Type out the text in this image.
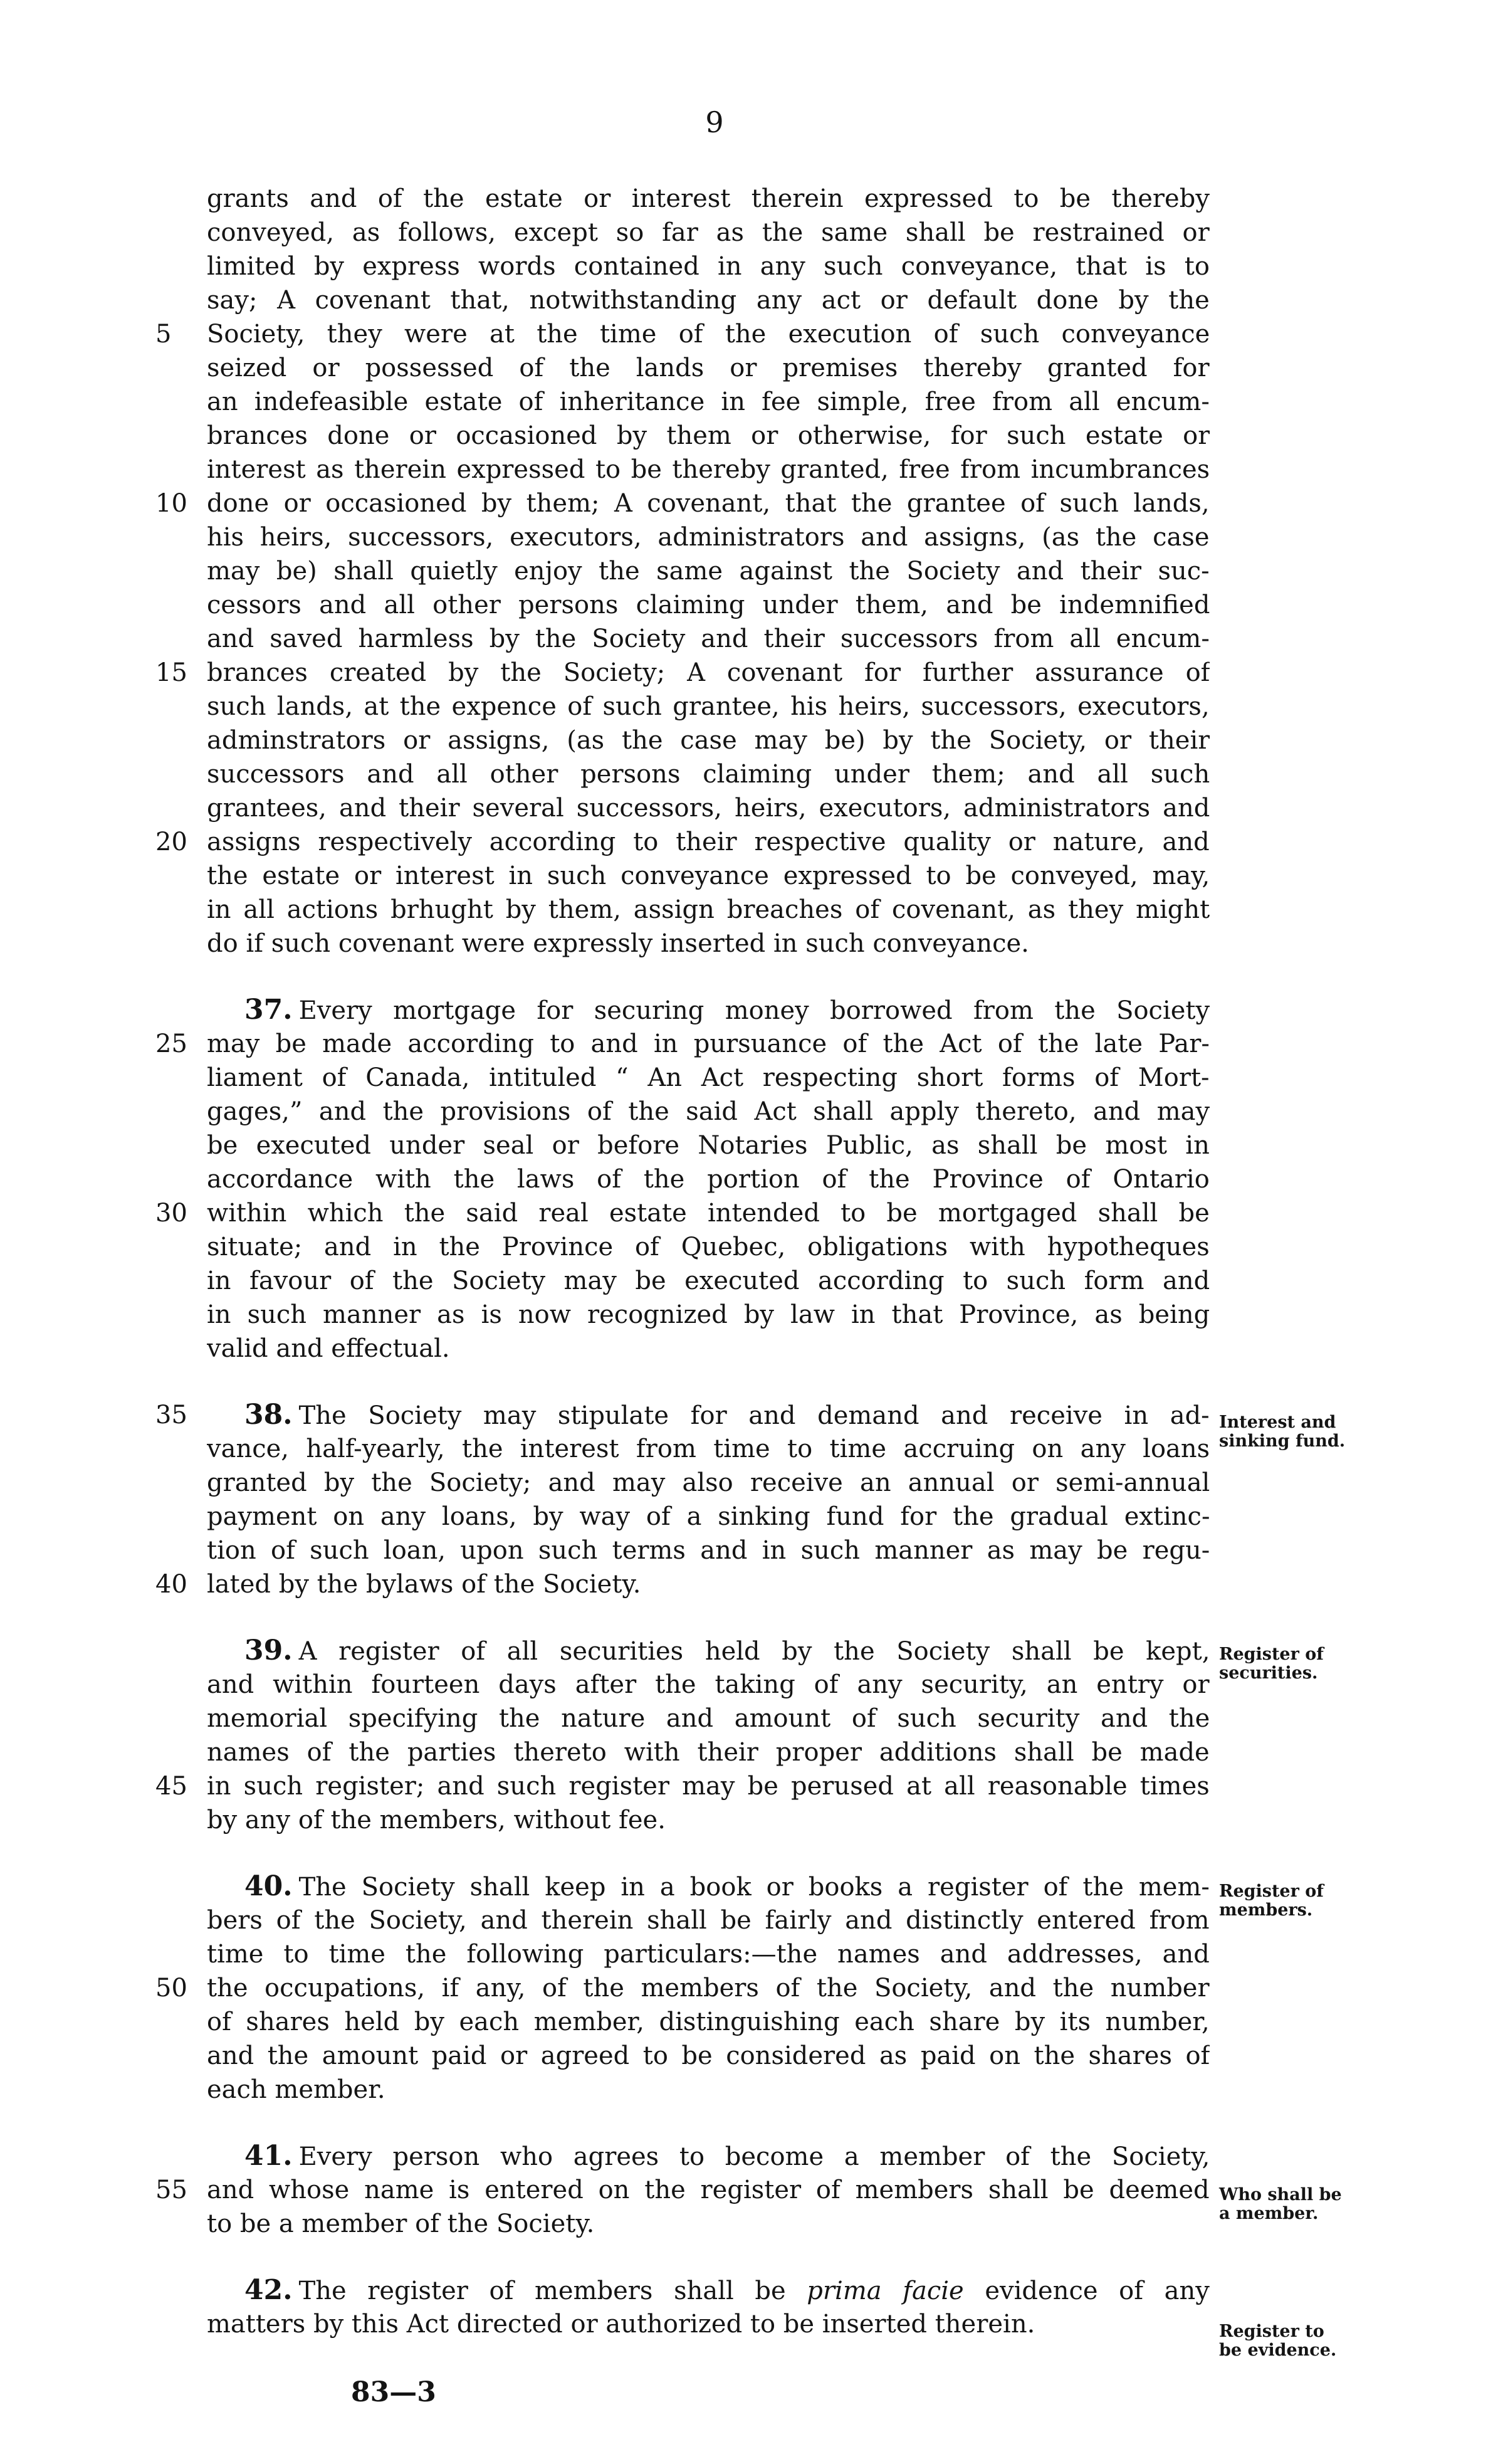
9
grants and of the estate or interest therein expressed to be thereby
conveyed, as follows, except so far as the same shall be restrained or
limited by express words contained in any such conveyance, that is to
say; A covenant that, notwithstanding any act or default done by the
5	Society, they were at the time of the execution of such conveyance
seized or possessed of the lands or premises thereby granted for
an indefeasible estate of inheritance in fee simple, free from all encum-
brances done or occasioned by them or otherwise, for such estate or
interest as therein expressed to be thereby granted, free from incumbrances
10 done or occasioned by them; A covenant, that the grantee of such lands,
his heirs, successors, executors, administrators and assigns, (as the case
may be) shall quietly enjoy the same against the Society and their suc-
cessors and all other persons claiming under them, and be indemnified
and saved harmless by the Society and their successors from all encum-
15 brances created by the Society; A covenant for further assurance of
such lands, at the expence of such grantee, his heirs, successors, executors,
adminstrators or assigns, (as the case may be) by the Society, or their
successors and all other persons claiming under them; and all such
grantees, and their several successors, heirs, executors, administrators and
20 assigns respectively according to their respective quality or nature, and
the estate or interest in such conveyance expressed to be conveyed, may,
in all actions brhught by them, assign breaches of covenant, as they might
do if such covenant were expressly inserted in such conveyance.
37. Every mortgage for securing money borrowed from the Society
25 may be made according to and in pursuance of the Act of the late Par-
liament of Canada, intituled “ An Act respecting short forms of Mort-
gages,” and the provisions of the said Act shall apply thereto, and may
be executed under seal or before Notaries Public, as shall be most in
accordance with the laws of the portion of the Province of Ontario
30 within which the said real estate intended to be mortgaged shall be
situate; and in the Province of Quebec, obligations with hypotheques
in favour of the Society may be executed according to such form and
in such manner as is now recognized by law in that Province, as being
valid and effectual.
35	38. The Society may stipulate for and demand and receive in ad-
vance, half-yearly, the interest from time to time accruing on any loans
granted by the Society; and may also receive an annual or semi-annual
payment on any loans, by way of a sinking fund for the gradual extinc-
tion of such loan, upon such terms and in such manner as may be regu-
40 lated by the bylaws of the Society.
39. A register of all securities held by the Society shall be kept,
and within fourteen days after the taking of any security, an entry or
memorial specifying the nature and amount of such security and the
names of the parties thereto with their proper additions shall be made
45 in such register; and such register may be perused at all reasonable times
by any of the members, without fee.
40. The Society shall keep in a book or books a register of the mem-
bers of the Society, and therein shall be fairly and distinctly entered from
time to time the following particulars:—the names and addresses, and
50 the occupations, if any, of the members of the Society, and the number
of shares held by each member, distinguishing each share by its number,
and the amount paid or agreed to be considered as paid on the shares of
each member.
41. Every person who agrees to become a member of the Society,
55 and whose name is entered on the register of members shall be deemed
to be a member of the Society.
42. The register of members shall be prima facie evidence of any
matters by this Act directed or authorized to be inserted therein.
Interest and
sinking fund.
Register of
securities.
Register of
members.
Who shall be
a member.
Register to
be evidence.
83—3
